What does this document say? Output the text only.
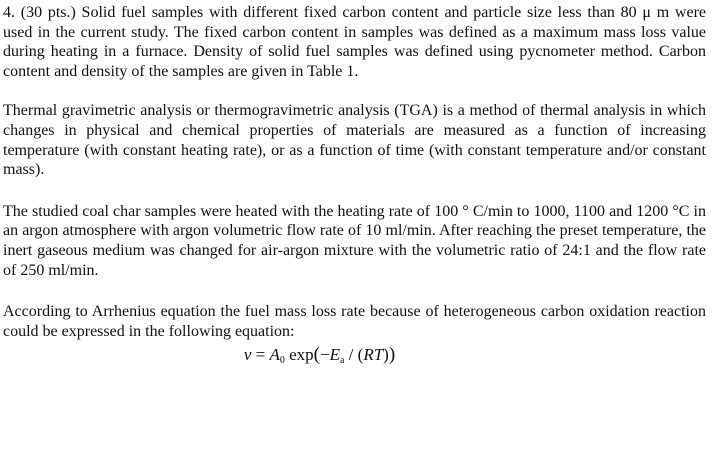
4. (30 pts.) Solid fuel samples with different fixed carbon content and particle size less than 80 μ m were used in the current study. The fixed carbon content in samples was defined as a maximum mass loss value during heating in a furnace. Density of solid fuel samples was defined using pycnometer method. Carbon content and density of the samples are given in Table 1.

Thermal gravimetric analysis or thermogravimetric analysis (TGA) is a method of thermal analysis in which changes in physical and chemical properties of materials are measured as a function of increasing temperature (with constant heating rate), or as a function of time (with constant temperature and/or constant mass).

The studied coal char samples were heated with the heating rate of 100 ° C/min to 1000, 1100 and 1200 °C in an argon atmosphere with argon volumetric flow rate of 10 ml/min. After reaching the preset temperature, the inert gaseous medium was changed for air-argon mixture with the volumetric ratio of 24:1 and the flow rate of 250 ml/min.

According to Arrhenius equation the fuel mass loss rate because of heterogeneous carbon oxidation reaction could be expressed in the following equation:

$v = A_0$ $\exp(-E_a / (RT))$
